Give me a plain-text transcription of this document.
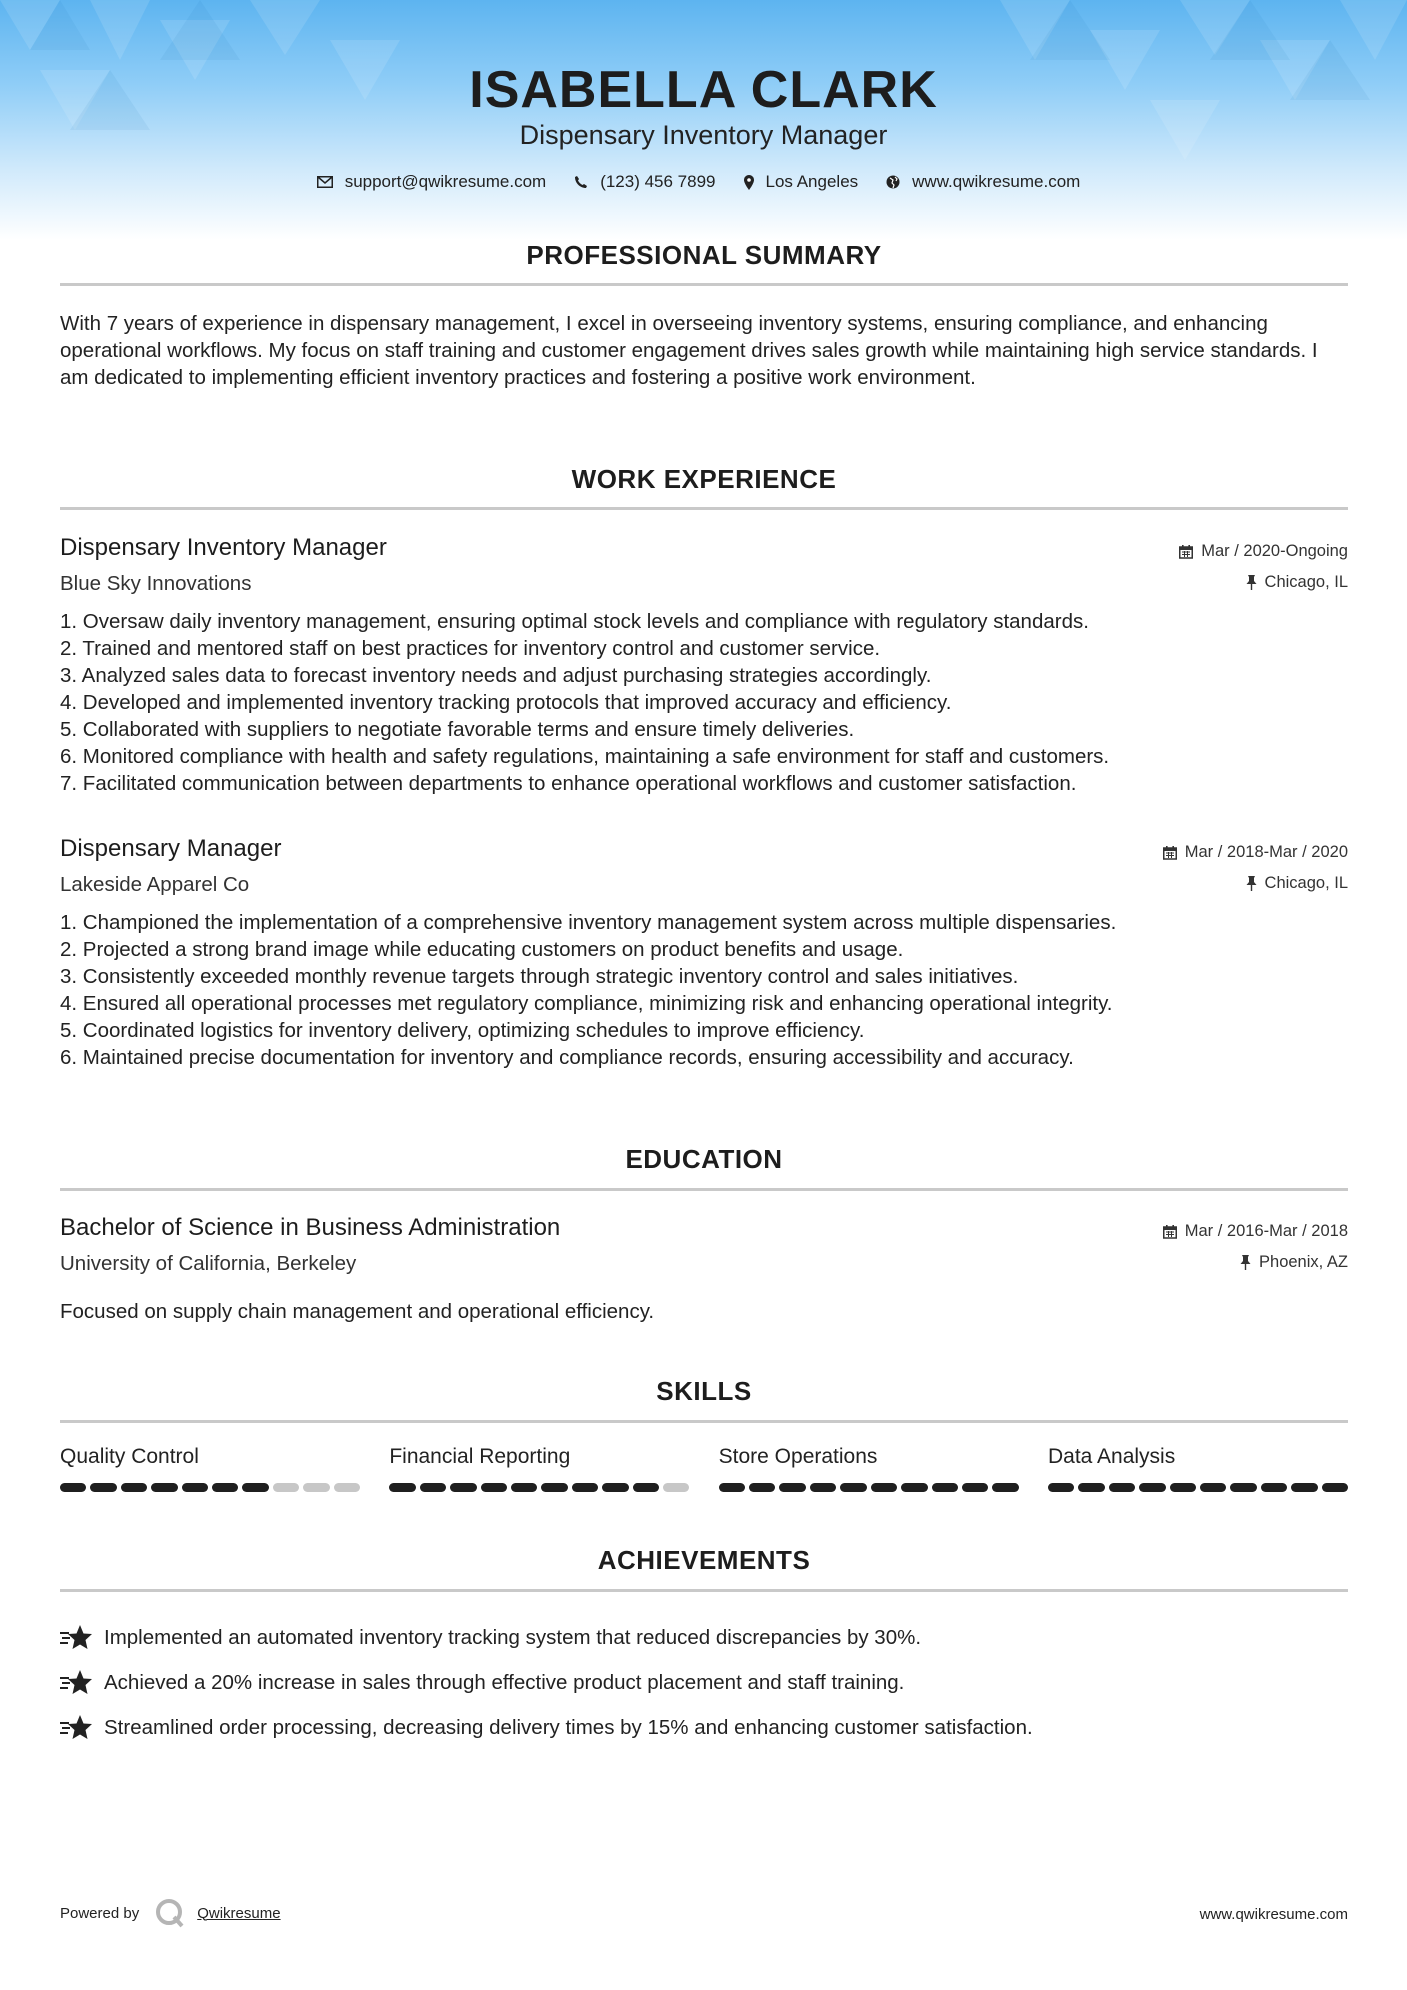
ISABELLA CLARK
Dispensary Inventory Manager
support@qwikresume.com	(123) 456 7899	Los Angeles	www.qwikresume.com
PROFESSIONAL SUMMARY

With 7 years of experience in dispensary management, I excel in overseeing inventory systems, ensuring compliance, and enhancing operational workflows. My focus on staff training and customer engagement drives sales growth while maintaining high service standards. I am dedicated to implementing efficient inventory practices and fostering a positive work environment.

WORK EXPERIENCE
Dispensary Inventory Manager
Blue Sky Innovations
Mar / 2020-Ongoing
Chicago, IL
1. Oversaw daily inventory management, ensuring optimal stock levels and compliance with regulatory standards.
2. Trained and mentored staff on best practices for inventory control and customer service.
3. Analyzed sales data to forecast inventory needs and adjust purchasing strategies accordingly.
4. Developed and implemented inventory tracking protocols that improved accuracy and efficiency.
5. Collaborated with suppliers to negotiate favorable terms and ensure timely deliveries.
6. Monitored compliance with health and safety regulations, maintaining a safe environment for staff and customers.
7. Facilitated communication between departments to enhance operational workflows and customer satisfaction.
Dispensary Manager
Lakeside Apparel Co
Mar / 2018-Mar / 2020
Chicago, IL
1. Championed the implementation of a comprehensive inventory management system across multiple dispensaries.
2. Projected a strong brand image while educating customers on product benefits and usage.
3. Consistently exceeded monthly revenue targets through strategic inventory control and sales initiatives.
4. Ensured all operational processes met regulatory compliance, minimizing risk and enhancing operational integrity.
5. Coordinated logistics for inventory delivery, optimizing schedules to improve efficiency.
6. Maintained precise documentation for inventory and compliance records, ensuring accessibility and accuracy.
EDUCATION
Bachelor of Science in Business Administration
University of California, Berkeley
Mar / 2016-Mar / 2018
Phoenix, AZ
Focused on supply chain management and operational efficiency.
SKILLS
Quality Control	Financial Reporting	Store Operations	Data Analysis
ACHIEVEMENTS
Implemented an automated inventory tracking system that reduced discrepancies by 30%.
Achieved a 20% increase in sales through effective product placement and staff training.
Streamlined order processing, decreasing delivery times by 15% and enhancing customer satisfaction.
Powered by	Qwikresume	www.qwikresume.com
